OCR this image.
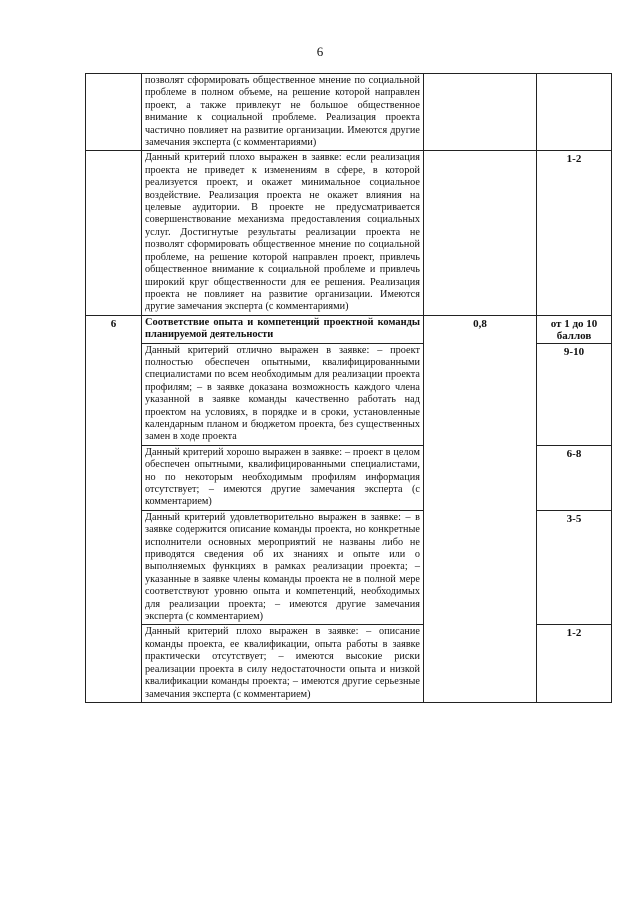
6

	позволят сформировать общественное мнение по социальной проблеме в полном объеме, на решение которой направлен проект, а также привлекут не большое общественное внимание к социальной проблеме. Реализация проекта частично повлияет на развитие организации. Имеются другие замечания эксперта (с комментариями)		

	Данный критерий плохо выражен в заявке: если реализация проекта не приведет к изменениям в сфере, в которой реализуется проект, и окажет минимальное социальное воздействие. Реализация проекта не окажет влияния на целевые аудитории. В проекте не предусматривается совершенствование механизма предоставления социальных услуг. Достигнутые результаты реализации проекта не позволят сформировать общественное мнение по социальной проблеме, на решение которой направлен проект, привлечь общественное внимание к социальной проблеме и привлечь широкий круг общественности для ее решения. Реализация проекта не повлияет на развитие организации. Имеются другие замечания эксперта (с комментариями)		1-2

6	Соответствие опыта и компетенций проектной команды планируемой деятельности	0,8	от 1 до 10 баллов

	Данный критерий отлично выражен в заявке: – проект полностью обеспечен опытными, квалифицированными специалистами по всем необходимым для реализации проекта профилям; – в заявке доказана возможность каждого члена указанной в заявке команды качественно работать над проектом на условиях, в порядке и в сроки, установленные календарным планом и бюджетом проекта, без существенных замен в ходе проекта		9-10

	Данный критерий хорошо выражен в заявке: – проект в целом обеспечен опытными, квалифицированными специалистами, но по некоторым необходимым профилям информация отсутствует; – имеются другие замечания эксперта (с комментарием)		6-8

	Данный критерий удовлетворительно выражен в заявке: – в заявке содержится описание команды проекта, но конкретные исполнители основных мероприятий не названы либо не приводятся сведения об их знаниях и опыте или о выполняемых функциях в рамках реализации проекта; – указанные в заявке члены команды проекта не в полной мере соответствуют уровню опыта и компетенций, необходимых для реализации проекта; – имеются другие замечания эксперта (с комментарием)		3-5

	Данный критерий плохо выражен в заявке: – описание команды проекта, ее квалификации, опыта работы в заявке практически отсутствует; – имеются высокие риски реализации проекта в силу недостаточности опыта и низкой квалификации команды проекта; – имеются другие серьезные замечания эксперта (с комментарием)		1-2
